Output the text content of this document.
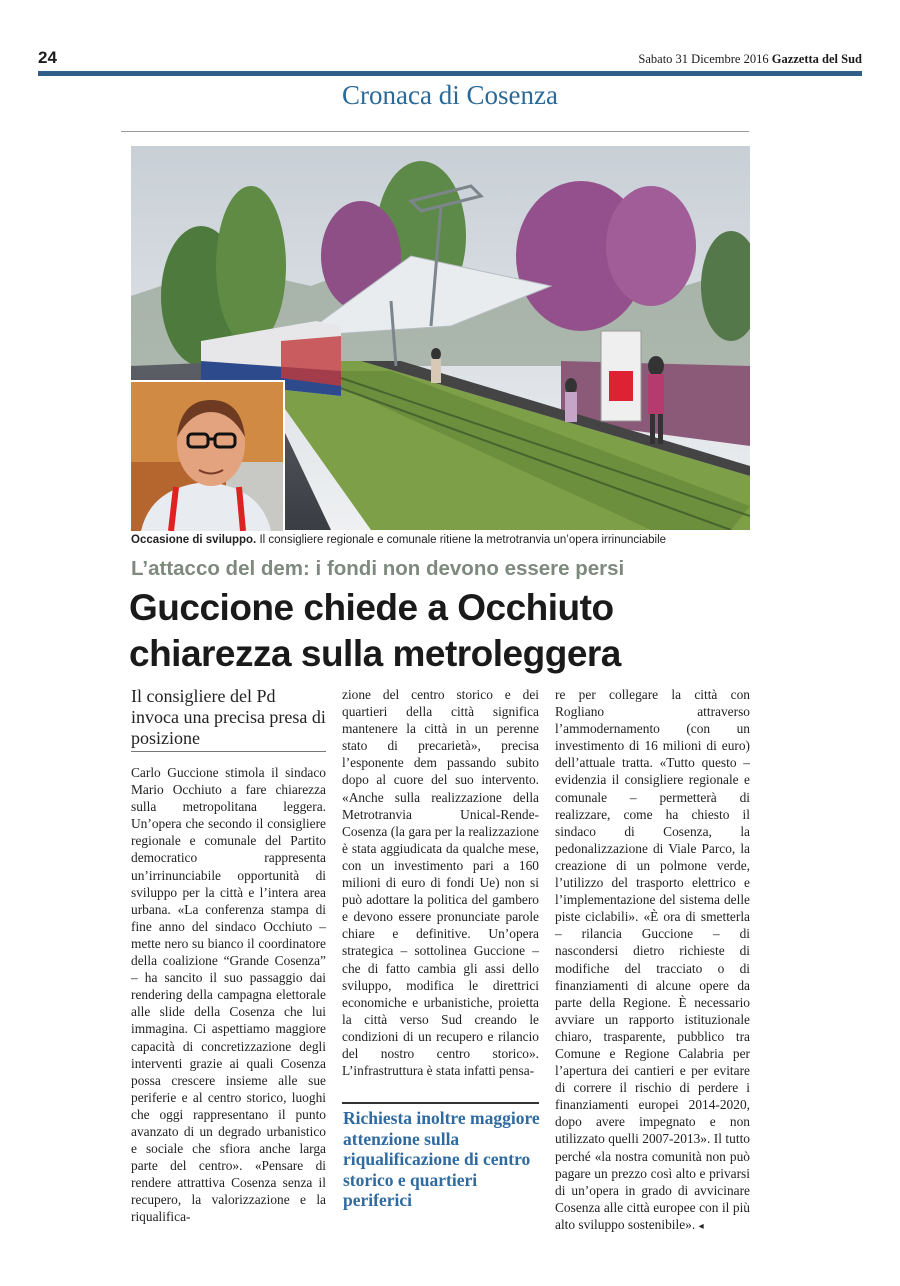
24	Sabato 31 Dicembre 2016 Gazzetta del Sud
Cronaca di Cosenza
Occasione di sviluppo. Il consigliere regionale e comunale ritiene la metrotranvia un’opera irrinunciabile
L’attacco del dem: i fondi non devono essere persi
Guccione chiede a Occhiuto
chiarezza sulla metroleggera
Il consigliere del Pd invoca una precisa presa di posizione
Carlo Guccione stimola il sindaco Mario Occhiuto a fare chiarezza sulla metropolitana leggera. Un’opera che secondo il consigliere regionale e comunale del Partito democratico rappresenta un’irrinunciabile opportunità di sviluppo per la città e l’intera area urbana. «La conferenza stampa di fine anno del sindaco Occhiuto – mette nero su bianco il coordinatore della coalizione “Grande Cosenza” – ha sancito il suo passaggio dai rendering della campagna elettorale alle slide della Cosenza che lui immagina. Ci aspettiamo maggiore capacità di concretizzazione degli interventi grazie ai quali Cosenza possa crescere insieme alle sue periferie e al centro storico, luoghi che oggi rappresentano il punto avanzato di un degrado urbanistico e sociale che sfiora anche larga parte del centro». «Pensare di rendere attrattiva Cosenza senza il recupero, la valorizzazione e la riqualifica-
zione del centro storico e dei quartieri della città significa mantenere la città in un perenne stato di precarietà», precisa l’esponente dem passando subito dopo al cuore del suo intervento. «Anche sulla realizzazione della Metrotranvia Unical-Rende-Cosenza (la gara per la realizzazione è stata aggiudicata da qualche mese, con un investimento pari a 160 milioni di euro di fondi Ue) non si può adottare la politica del gambero e devono essere pronunciate parole chiare e definitive. Un’opera strategica – sottolinea Guccione – che di fatto cambia gli assi dello sviluppo, modifica le direttrici economiche e urbanistiche, proietta la città verso Sud creando le condizioni di un recupero e rilancio del nostro centro storico». L’infrastruttura è stata infatti pensa-
re per collegare la città con Rogliano attraverso l’ammodernamento (con un investimento di 16 milioni di euro) dell’attuale tratta. «Tutto questo – evidenzia il consigliere regionale e comunale – permetterà di realizzare, come ha chiesto il sindaco di Cosenza, la pedonalizzazione di Viale Parco, la creazione di un polmone verde, l’utilizzo del trasporto elettrico e l’implementazione del sistema delle piste ciclabili». «È ora di smetterla – rilancia Guccione – di nascondersi dietro richieste di modifiche del tracciato o di finanziamenti di alcune opere da parte della Regione. È necessario avviare un rapporto istituzionale chiaro, trasparente, pubblico tra Comune e Regione Calabria per l’apertura dei cantieri e per evitare di correre il rischio di perdere i finanziamenti europei 2014-2020, dopo avere impegnato e non utilizzato quelli 2007-2013». Il tutto perché «la nostra comunità non può pagare un prezzo così alto e privarsi di un’opera in grado di avvicinare Cosenza alle città europee con il più alto sviluppo sostenibile». ◂
Richiesta inoltre maggiore attenzione sulla riqualificazione di centro storico e quartieri periferici
